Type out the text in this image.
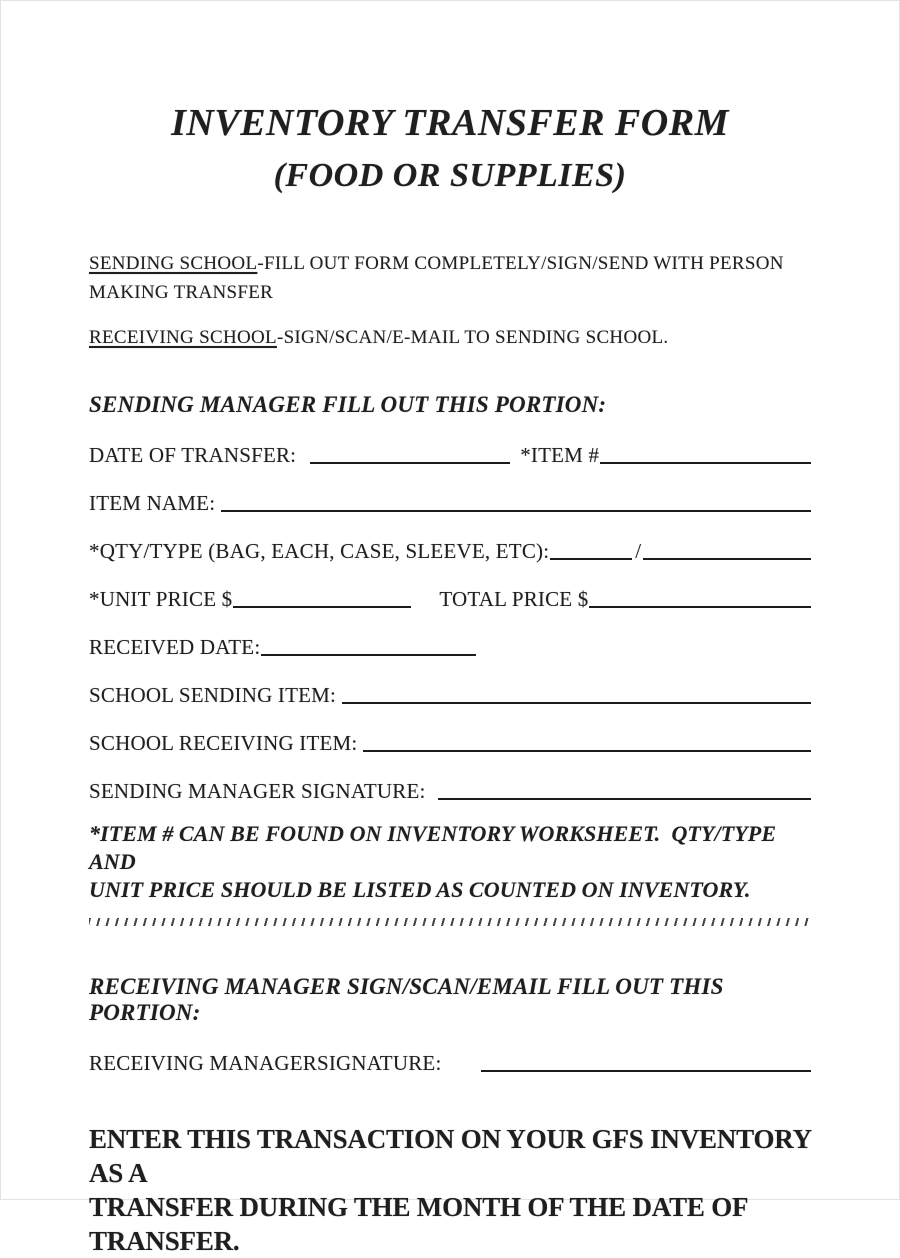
INVENTORY TRANSFER FORM
(FOOD OR SUPPLIES)

SENDING SCHOOL-FILL OUT FORM COMPLETELY/SIGN/SEND WITH PERSON
MAKING TRANSFER

RECEIVING SCHOOL-SIGN/SCAN/E-MAIL TO SENDING SCHOOL.

SENDING MANAGER FILL OUT THIS PORTION:
DATE OF TRANSFER:	*ITEM #
ITEM NAME:
*QTY/TYPE (BAG, EACH, CASE, SLEEVE, ETC):	/
*UNIT PRICE $	TOTAL PRICE $
RECEIVED DATE:
SCHOOL SENDING ITEM:
SCHOOL RECEIVING ITEM:
SENDING MANAGER SIGNATURE:

*ITEM # CAN BE FOUND ON INVENTORY WORKSHEET.  QTY/TYPE AND
UNIT PRICE SHOULD BE LISTED AS COUNTED ON INVENTORY.

RECEIVING MANAGER SIGN/SCAN/EMAIL FILL OUT THIS PORTION:
RECEIVING MANAGERSIGNATURE:

ENTER THIS TRANSACTION ON YOUR GFS INVENTORY AS A
TRANSFER DURING THE MONTH OF THE DATE OF TRANSFER.
